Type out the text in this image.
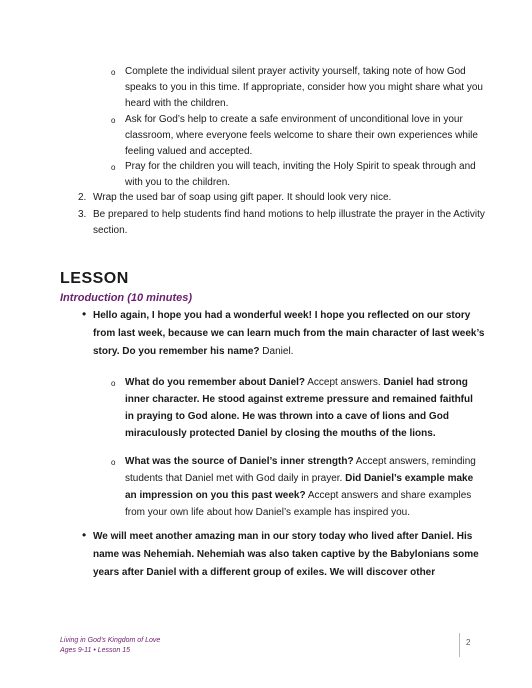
o Complete the individual silent prayer activity yourself, taking note of how God
speaks to you in this time. If appropriate, consider how you might share what you
heard with the children.
o Ask for God’s help to create a safe environment of unconditional love in your
classroom, where everyone feels welcome to share their own experiences while
feeling valued and accepted.
o Pray for the children you will teach, inviting the Holy Spirit to speak through and
with you to the children.
2. Wrap the used bar of soap using gift paper. It should look very nice.
3. Be prepared to help students find hand motions to help illustrate the prayer in the Activity
section.
LESSON
Introduction (10 minutes)
• Hello again, I hope you had a wonderful week! I hope you reflected on our story
from last week, because we can learn much from the main character of last week’s
story. Do you remember his name? Daniel.
o What do you remember about Daniel? Accept answers. Daniel had strong
inner character. He stood against extreme pressure and remained faithful
in praying to God alone. He was thrown into a cave of lions and God
miraculously protected Daniel by closing the mouths of the lions.
o What was the source of Daniel’s inner strength? Accept answers, reminding
students that Daniel met with God daily in prayer. Did Daniel’s example make
an impression on you this past week? Accept answers and share examples
from your own life about how Daniel’s example has inspired you.
• We will meet another amazing man in our story today who lived after Daniel. His
name was Nehemiah. Nehemiah was also taken captive by the Babylonians some
years after Daniel with a different group of exiles. We will discover other
Living in God’s Kingdom of Love
Ages 9-11 • Lesson 15
2
